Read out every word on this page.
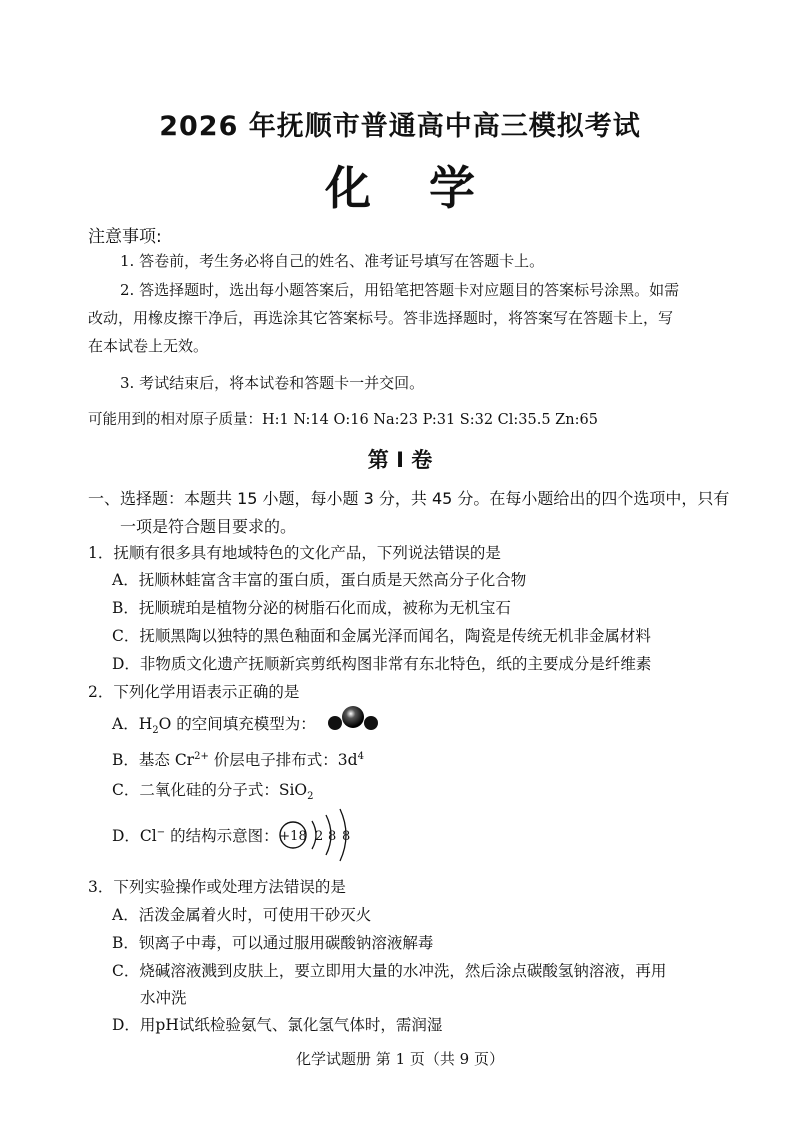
2026 年抚顺市普通高中高三模拟考试
化学
注意事项:
1. 答卷前，考生务必将自己的姓名、准考证号填写在答题卡上。
2. 答选择题时，选出每小题答案后，用铅笔把答题卡对应题目的答案标号涂黑。如需
改动，用橡皮擦干净后，再选涂其它答案标号。答非选择题时，将答案写在答题卡上，写
在本试卷上无效。
3. 考试结束后，将本试卷和答题卡一并交回。
可能用到的相对原子质量：H:1 N:14 O:16 Na:23 P:31 S:32 Cl:35.5 Zn:65
第 I 卷
一、选择题：本题共 15 小题，每小题 3 分，共 45 分。在每小题给出的四个选项中，只有
一项是符合题目要求的。
1．抚顺有很多具有地域特色的文化产品，下列说法错误的是
A．抚顺林蛙富含丰富的蛋白质，蛋白质是天然高分子化合物
B．抚顺琥珀是植物分泌的树脂石化而成，被称为无机宝石
C．抚顺黑陶以独特的黑色釉面和金属光泽而闻名，陶瓷是传统无机非金属材料
D．非物质文化遗产抚顺新宾剪纸构图非常有东北特色，纸的主要成分是纤维素
2．下列化学用语表示正确的是
A．$H_2O$ 的空间填充模型为：
B．基态 $Cr^{2+}$ 价层电子排布式：$3d^4$
C．二氧化硅的分子式：SiO$_2$
D．Cl− 的结构示意图： +18 2 8 8
3．下列实验操作或处理方法错误的是
A．活泼金属着火时，可使用干砂灭火
B．钡离子中毒，可以通过服用碳酸钠溶液解毒
C．烧碱溶液溅到皮肤上，要立即用大量的水冲洗，然后涂点碳酸氢钠溶液，再用
水冲洗
D．用pH试纸检验氨气、氯化氢气体时，需润湿
化学试题册 第 1 页（共 9 页）
